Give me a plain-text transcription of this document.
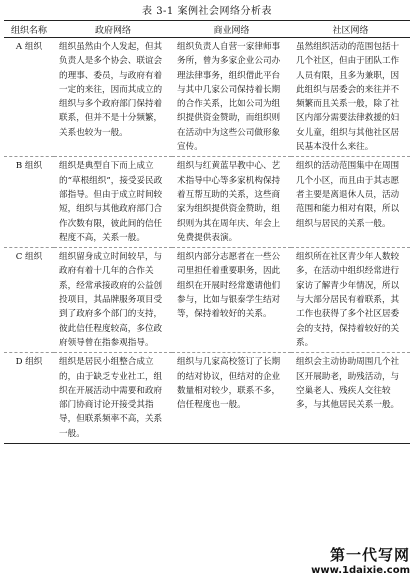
表 3-1 案例社会网络分析表
组织名称	政府网络	商业网络	社区网络
A 组织	组织虽然由个人发起，但其负责人是多个协会、联谊会的理事、委员，与政府有着一定的来往，因而其成立的组织与多个政府部门保持着联系，但并不是十分频繁，关系也较为一般。	组织负责人自营一家律师事务所，曾为多家企业公司办理法律事务，组织借此平台与其中几家公司保持着长期的合作关系，比如公司为组织提供资金赞助，而组织则在活动中为这些公司做形象宣传。	虽然组织活动的范围包括十几个社区，但由于团队工作人员有限，且多为兼职，因此组织与居委会的来往并不频繁而且关系一般，除了社区内部分需要法律救援的妇女儿童，组织与其他社区居民基本没什么来往。
B 组织	组织是典型自下而上成立的“草根组织”，接受妥民政部指导。但由于成立时间较短，组织与其他政府部门合作次数有限，彼此间的信任程度不高，关系一般。	组织与红黄蓝早教中心、艺术指导中心等多家机构保持着互帮互助的关系，这些商家为组织提供资金赞助，组织则为其在周年庆、年会上免费提供表演。	组织的活动范围集中在周围几个小区，而且由于其志愿者主要是离退休人员，活动范围和能力相对有限，所以组织与居民的关系一般。
C 组织	组织留身成立时间较早，与政府有着十几年的合作关系，经常承接政府的公益创投项目，其品牌服务项目受到了政府多个部门的支持，彼此信任程度较高，多位政府领导曾在指参观指导。	组织内部分志愿者在一些公司里担任着重要职务，因此组织在开展时经常邀请他们参与，比如与银泰学生结对等，保持着较好的关系。	组织所在社区青少年人数较多，在活动中组织经常进行家访了解青少年情况，所以与大部分居民有着联系，其工作也获得了多个社区居委会的支持，保持着较好的关系。
D 组织	组织是居民小组整合成立的，由于缺乏专业社工，组织在开展活动中需要和政府部门协商讨论开接受其指导，但联系频率不高，关系一般。	组织与几家高校签订了长期的结对协议，但结对的企业数量相对较少，联系不多，信任程度也一般。	组织会主动协助周围几个社区开展助老，助残活动，与空巢老人、残疾人交往较多，与其他居民关系一般。
第一代写网
www.1daixie.com
